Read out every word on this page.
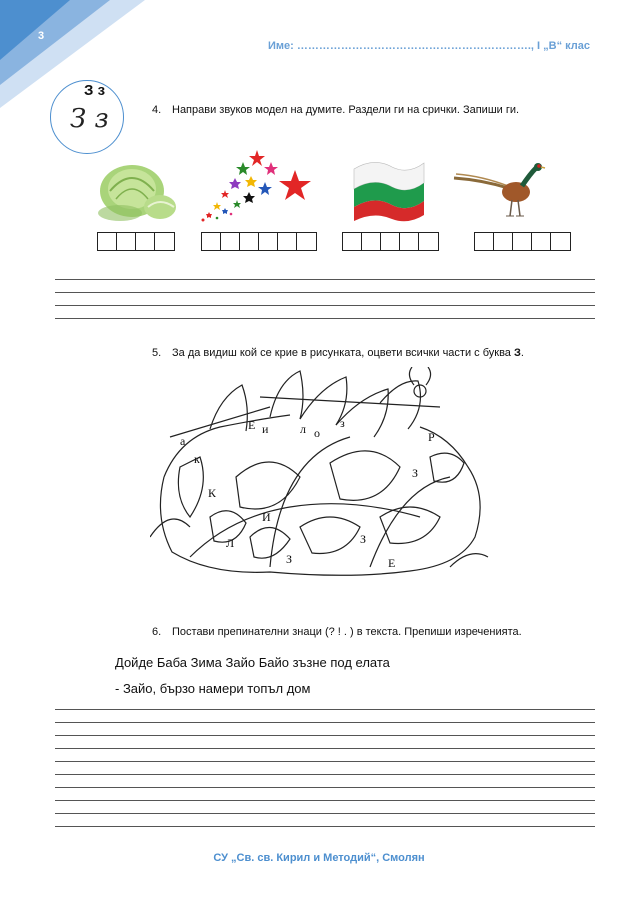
3
Име: ………………………………………………………., I „В“ клас
З з
З з	4. Направи звуков модел на думите. Раздели ги на срички. Запиши ги.
5. За да видиш кой се крие в рисунката, оцвети всички части с буква З.
Е и	л о
з
к
а	Р
З
К
Е
И
Л
З
З
6. Постави препинателни знаци (? ! . ) в текста. Препиши изреченията.
Дойде Баба Зима Зайо Байо зъзне под елата
- Зайо, бързо намери топъл дом
СУ „Св. св. Кирил и Методий“, Смолян
